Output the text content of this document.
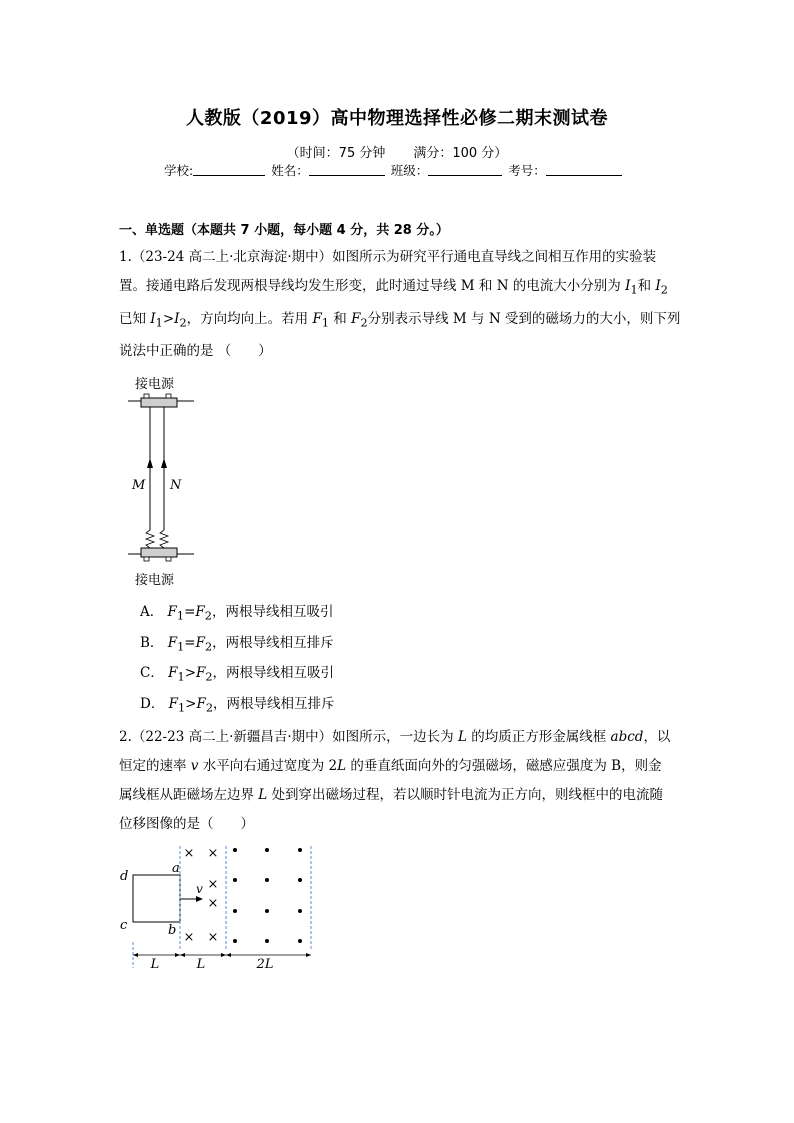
人教版（2019）高中物理选择性必修二期末测试卷
（时间：75 分钟 满分：100 分）
学校:	姓名：	班级：	考号：
一、单选题（本题共 7 小题，每小题 4 分，共 28 分。）
1.（23-24 高二上·北京海淀·期中）如图所示为研究平行通电直导线之间相互作用的实验装
置。接通电路后发现两根导线均发生形变，此时通过导线 M 和 N 的电流大小分别为 $I_1$和 $I_2$
已知 $I_1>I_2$，方向均向上。若用 $F_1$ 和 $F_2$分别表示导线 M 与 N 受到的磁场力的大小，则下列
说法中正确的是 （　　）
接电源
M N
接电源
A． $F_1=F_2$，两根导线相互吸引
B． $F_1=F_2$，两根导线相互排斥
C． $F_1>F_2$，两根导线相互吸引
D． $F_1>F_2$，两根导线相互排斥
2.（22-23 高二上·新疆昌吉·期中）如图所示，一边长为 L 的均质正方形金属线框 abcd，以
恒定的速率 v 水平向右通过宽度为 2L 的垂直纸面向外的匀强磁场，磁感应强度为 B，则金
属线框从距磁场左边界 L 处到穿出磁场过程，若以顺时针电流为正方向，则线框中的电流随
位移图像的是（　　）
d
a
c	b
v
× ×
×
×
× ×
L	L	2L
